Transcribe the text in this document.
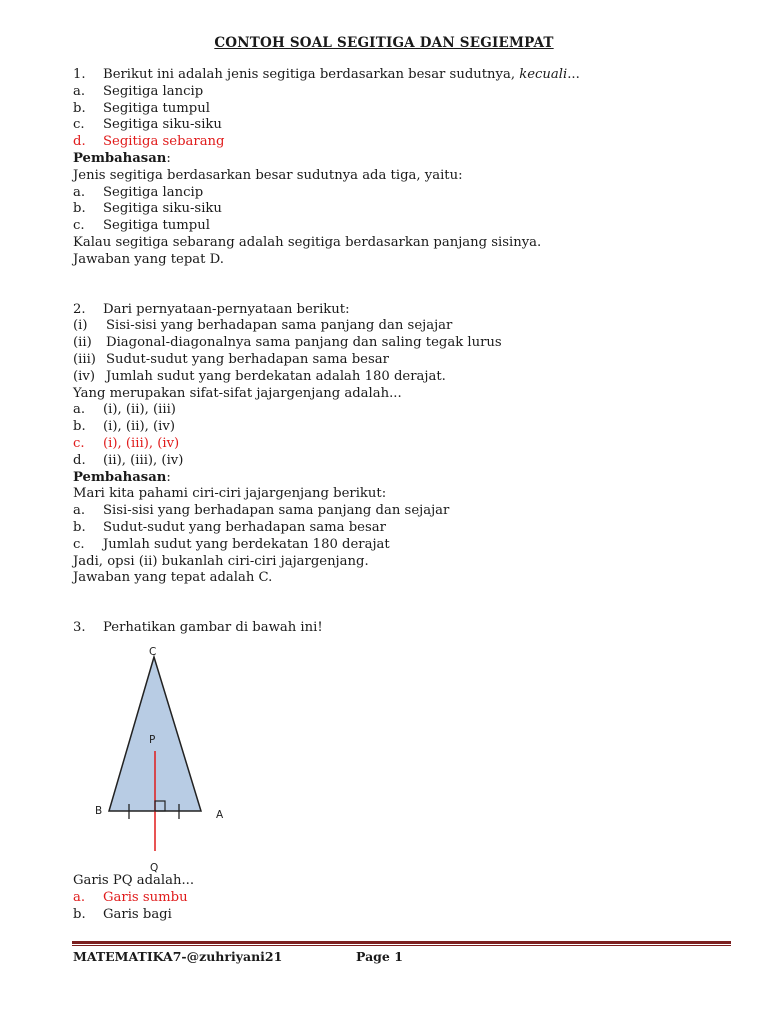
CONTOH SOAL SEGITIGA DAN SEGIEMPAT
1. Berikut ini adalah jenis segitiga berdasarkan besar sudutnya, kecuali...
a. Segitiga lancip
b. Segitiga tumpul
c. Segitiga siku-siku
d. Segitiga sebarang
Pembahasan:
Jenis segitiga berdasarkan besar sudutnya ada tiga, yaitu:
a. Segitiga lancip
b. Segitiga siku-siku
c. Segitiga tumpul
Kalau segitiga sebarang adalah segitiga berdasarkan panjang sisinya.
Jawaban yang tepat D.
2. Dari pernyataan-pernyataan berikut:
(i) Sisi-sisi yang berhadapan sama panjang dan sejajar
(ii) Diagonal-diagonalnya sama panjang dan saling tegak lurus
(iii) Sudut-sudut yang berhadapan sama besar
(iv) Jumlah sudut yang berdekatan adalah 180 derajat.
Yang merupakan sifat-sifat jajargenjang adalah...
a. (i), (ii), (iii)
b. (i), (ii), (iv)
c. (i), (iii), (iv)
d. (ii), (iii), (iv)
Pembahasan:
Mari kita pahami ciri-ciri jajargenjang berikut:
a. Sisi-sisi yang berhadapan sama panjang dan sejajar
b. Sudut-sudut yang berhadapan sama besar
c. Jumlah sudut yang berdekatan 180 derajat
Jadi, opsi (ii) bukanlah ciri-ciri jajargenjang.
Jawaban yang tepat adalah C.
3. Perhatikan gambar di bawah ini!
C
P
B	A
Q
Garis PQ adalah...
a. Garis sumbu
b. Garis bagi
MATEMATIKA7-@zuhriyani21	Page 1
